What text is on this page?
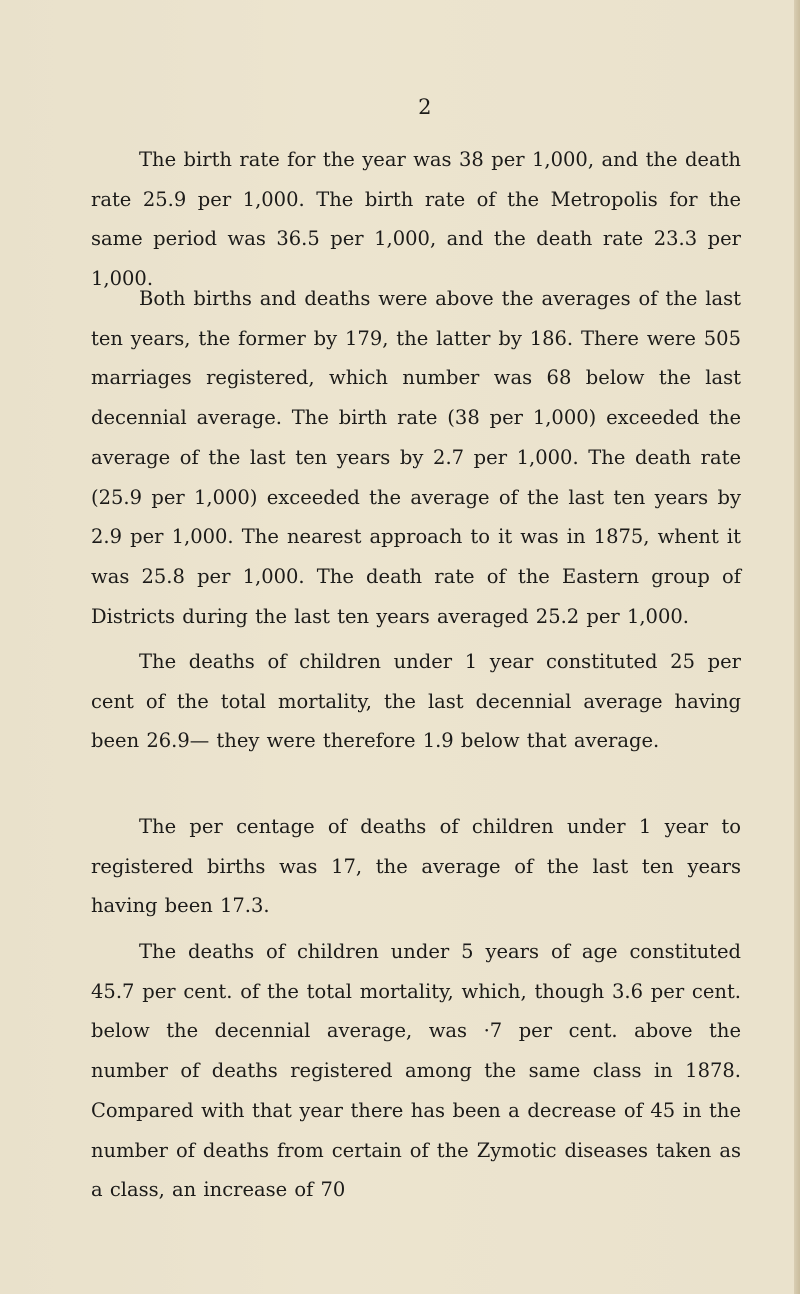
2

The birth rate for the year was 38 per 1,000, and the death rate 25.9 per 1,000. The birth rate of the Metropolis for the same period was 36.5 per 1,000, and the death rate 23.3 per 1,000.

Both births and deaths were above the averages of the last ten years, the former by 179, the latter by 186. There were 505 marriages registered, which number was 68 below the last decennial average. The birth rate (38 per 1,000) exceeded the average of the last ten years by 2.7 per 1,000. The death rate (25.9 per 1,000) exceeded the average of the last ten years by 2.9 per 1,000. The nearest approach to it was in 1875, whent it was 25.8 per 1,000. The death rate of the Eastern group of Districts during the last ten years averaged 25.2 per 1,000.

The deaths of children under 1 year constituted 25 per cent of the total mortality, the last decennial average having been 26.9— they were therefore 1.9 below that average.

The per centage of deaths of children under 1 year to registered births was 17, the average of the last ten years having been 17.3.

The deaths of children under 5 years of age constituted 45.7 per cent. of the total mortality, which, though 3.6 per cent. below the decennial average, was ·7 per cent. above the number of deaths registered among the same class in 1878. Compared with that year there has been a decrease of 45 in the number of deaths from certain of the Zymotic diseases taken as a class, an increase of 70
